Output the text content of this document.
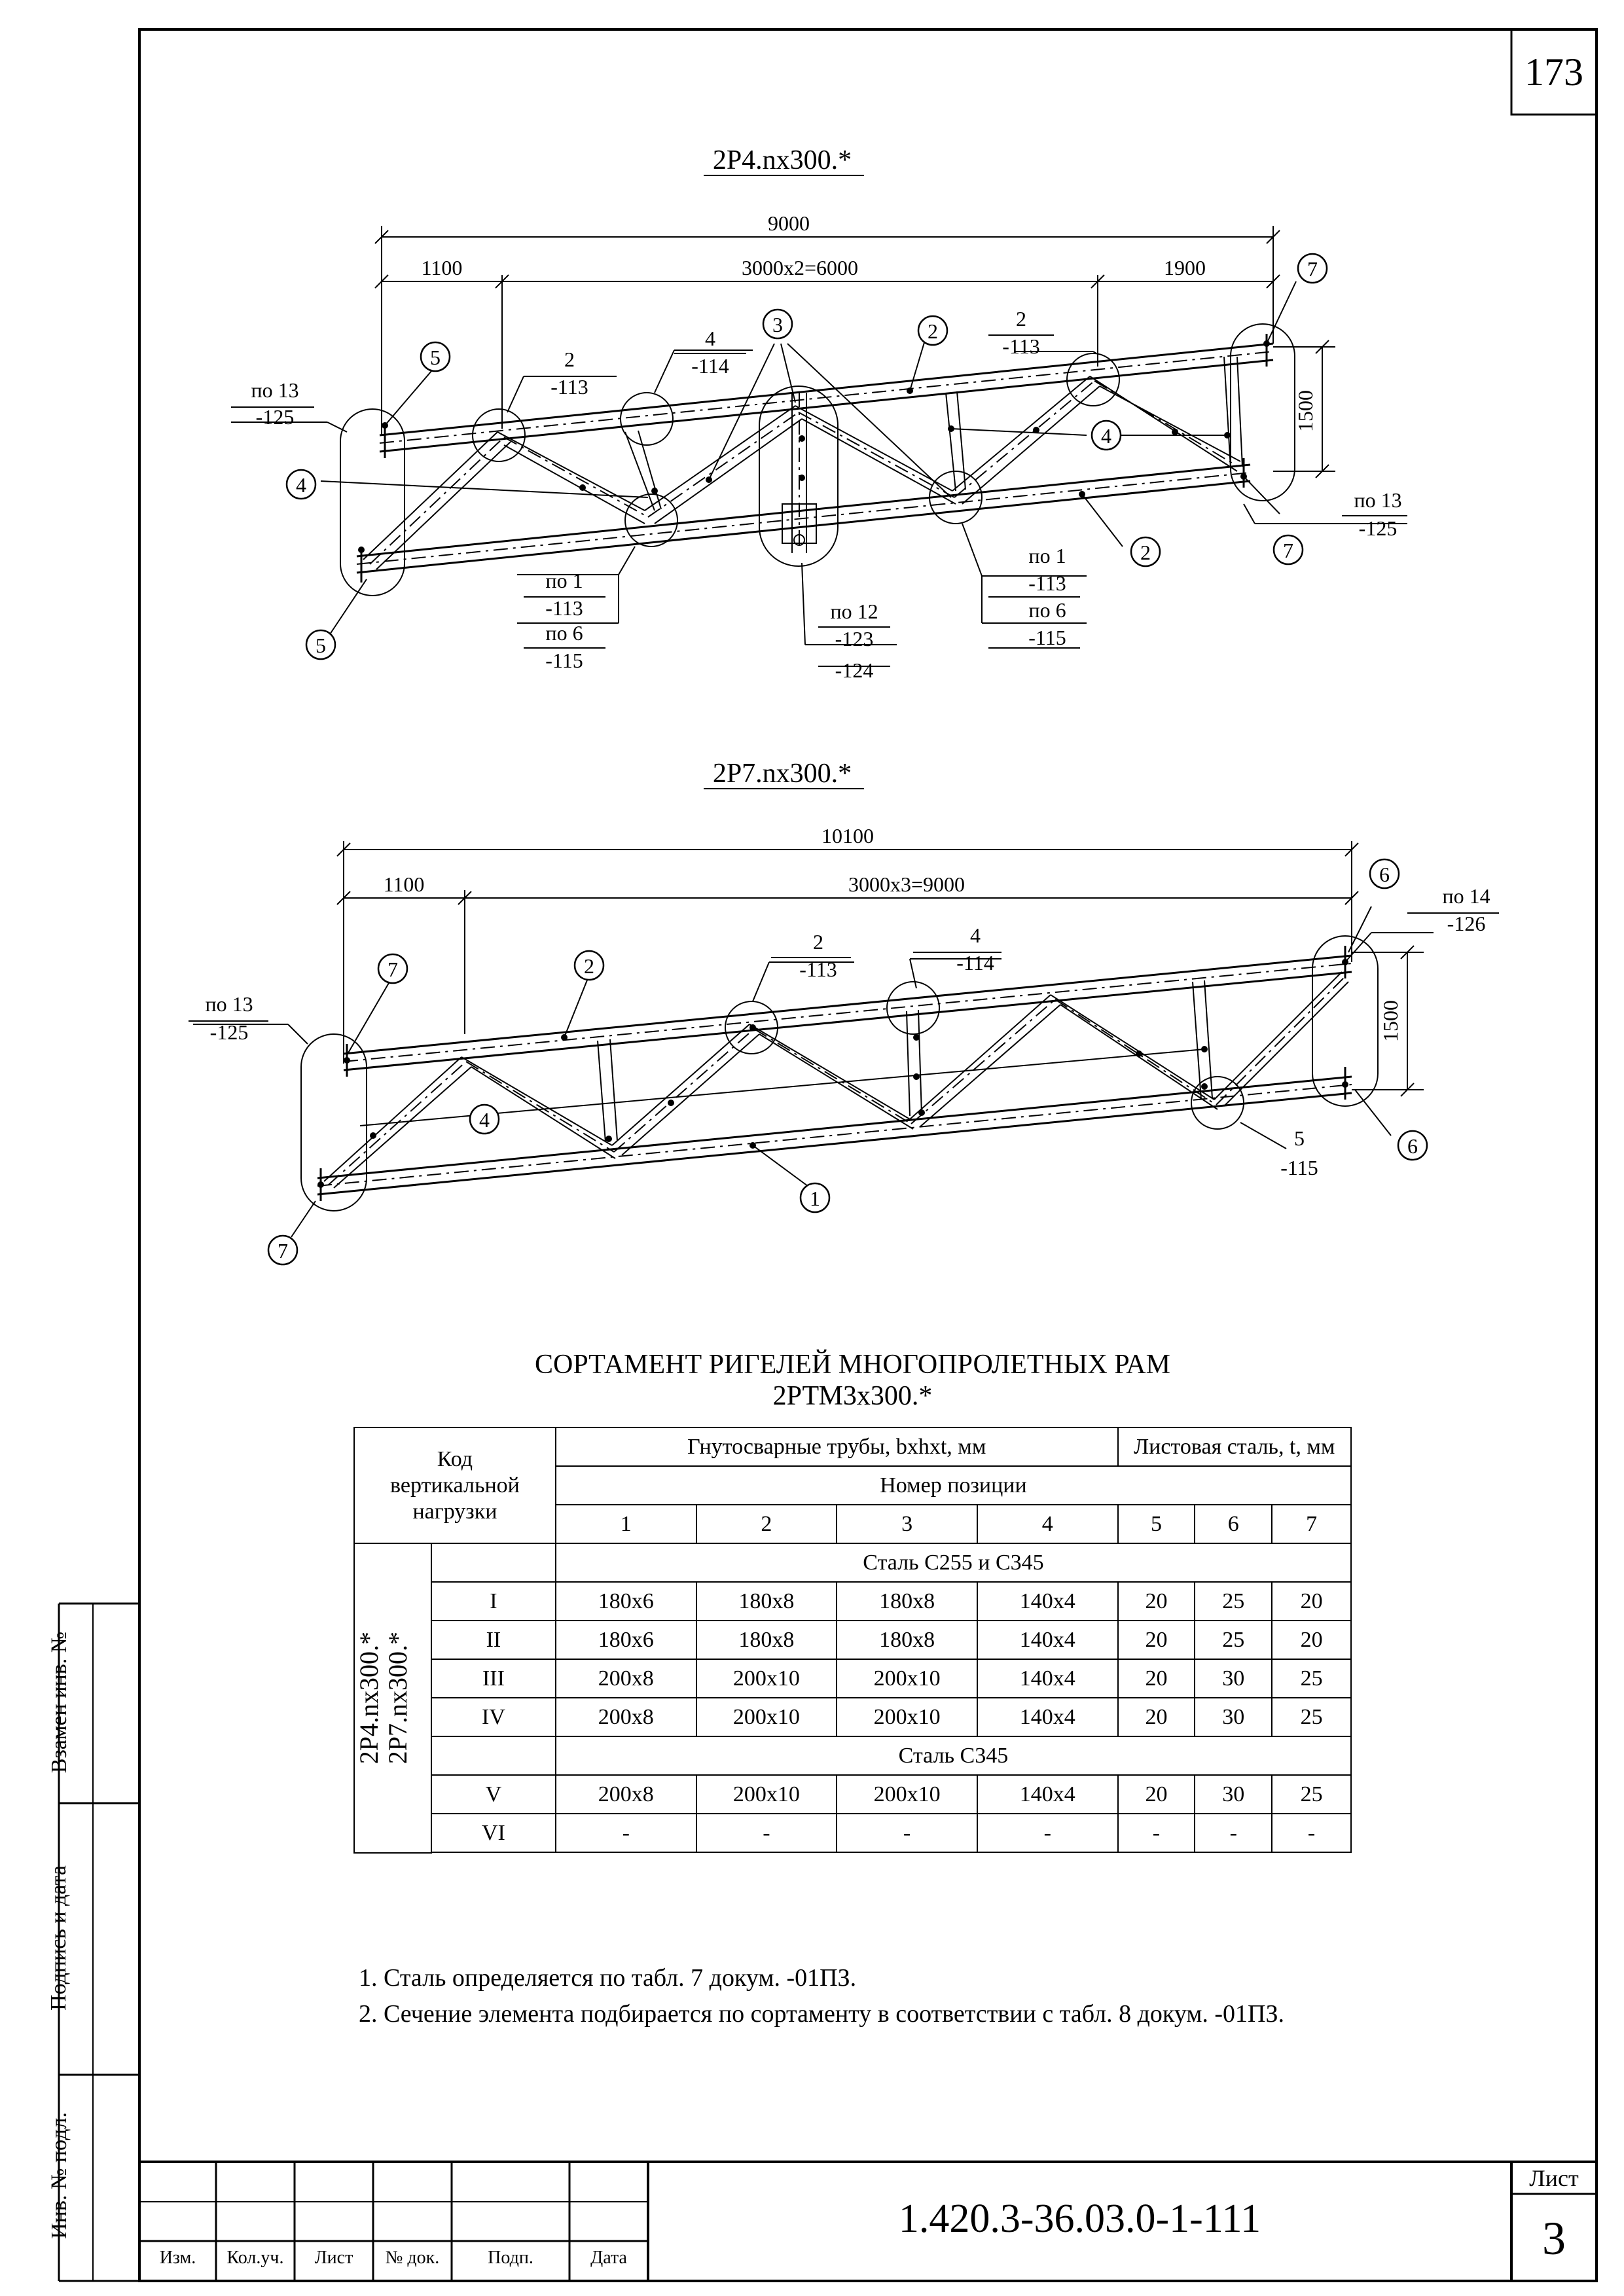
2Р4.nх300.*
9000
1100	3000х2=6000	1900
1500
по 13
-125
2
-113
4
-114
2
-113
по 13
-125
по 1
-113
по 6
-115
по 12
-123
-124
по 1
-113
по 6
-115
5
5
4
4
3	2
2
7
7
2Р7.nх300.*
10100
1100	3000х3=9000
1500
по 13
-125
2
-113
4
-114
по 14
-126
5
-115
7
7
2
4
1
6
6
173
СОРТАМЕНТ РИГЕЛЕЙ МНОГОПРОЛЕТНЫХ РАМ
2РТМ3х300.*
Код вертикальной нагрузки		Гнутосварные трубы, bxhxt, мм				Листовая сталь, t, мм		
		Номер позиции						
		1	2	3	4	5	6	7

2Р4.nх300.*
2Р7.nх300.*		Сталь С255 и С345						
	I	180х6	180х8	180х8	140х4	20	25	20
	II	180х6	180х8	180х8	140х4	20	25	20
	III	200х8	200х10	200х10	140х4	20	30	25
	IV	200х8	200х10	200х10	140х4	20	30	25
		Сталь С345						
	V	200х8	200х10	200х10	140х4	20	30	25
	VI	-	-	-	-	-	-	-

1. Сталь определяется по табл. 7 докум. -01ПЗ.
2. Сечение элемента подбирается по сортаменту в соответствии с табл. 8 докум. -01ПЗ.
Взамен инв. №
Подпись и дата
Инв. № подл.
Изм.	Кол.уч.	Лист	№ док.	Подп.	Дата
1.420.3-36.03.0-1-111
Лист
3
